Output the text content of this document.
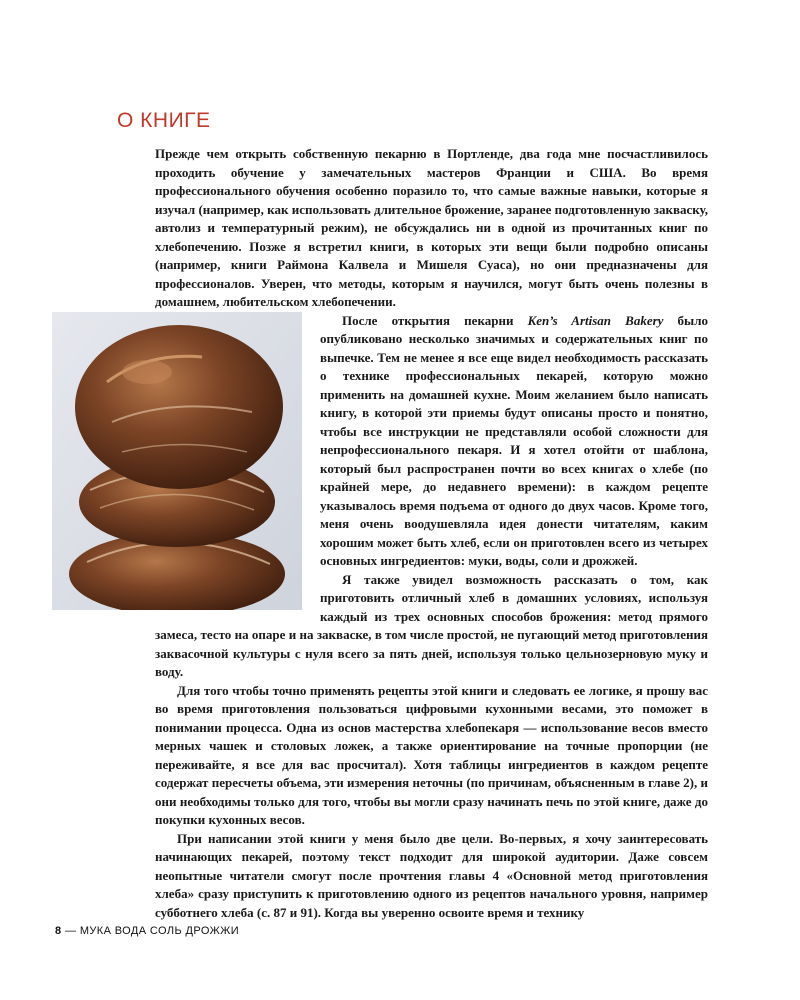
О КНИГЕ

Прежде чем открыть собственную пекарню в Портленде, два года мне посчастливилось проходить обучение у замечательных мастеров Франции и США. Во время профессионального обучения особенно поразило то, что самые важные навыки, которые я изучал (например, как использовать длительное брожение, заранее подготовленную закваску, автолиз и температурный режим), не обсуждались ни в одной из прочитанных книг по хлебопечению. Позже я встретил книги, в которых эти вещи были подробно описаны (например, книги Раймона Калвела и Мишеля Суаса), но они предназначены для профессионалов. Уверен, что методы, которым я научился, могут быть очень полезны в домашнем, любительском хлебопечении.

После открытия пекарни Ken’s Artisan Bakery было опубликовано несколько значимых и содержательных книг по выпечке. Тем не менее я все еще видел необходимость рассказать о технике профессиональных пекарей, которую можно применить на домашней кухне. Моим желанием было написать книгу, в которой эти приемы будут описаны просто и понятно, чтобы все инструкции не представляли особой сложности для непрофессионального пекаря. И я хотел отойти от шаблона, который был распространен почти во всех книгах о хлебе (по крайней мере, до недавнего времени): в каждом рецепте указывалось время подъема от одного до двух часов. Кроме того, меня очень воодушевляла идея донести читателям, каким хорошим может быть хлеб, если он приготовлен всего из четырех основных ингредиентов: муки, воды, соли и дрожжей.

Я также увидел возможность рассказать о том, как приготовить отличный хлеб в домашних условиях, используя каждый из трех основных способов брожения: метод прямого замеса, тесто на опаре и на закваске, в том числе простой, не пугающий метод приготовления заквасочной культуры с нуля всего за пять дней, используя только цельнозерновую муку и воду.

Для того чтобы точно применять рецепты этой книги и следовать ее логике, я прошу вас во время приготовления пользоваться цифровыми кухонными весами, это поможет в понимании процесса. Одна из основ мастерства хлебопекаря — использование весов вместо мерных чашек и столовых ложек, а также ориентирование на точные пропорции (не переживайте, я все для вас просчитал). Хотя таблицы ингредиентов в каждом рецепте содержат пересчеты объема, эти измерения неточны (по причинам, объясненным в главе 2), и они необходимы только для того, чтобы вы могли сразу начинать печь по этой книге, даже до покупки кухонных весов.

При написании этой книги у меня было две цели. Во-первых, я хочу заинтересовать начинающих пекарей, поэтому текст подходит для широкой аудитории. Даже совсем неопытные читатели смогут после прочтения главы 4 «Основной метод приготовления хлеба» сразу приступить к приготовлению одного из рецептов начального уровня, например субботнего хлеба (с. 87 и 91). Когда вы уверенно освоите время и технику

8 — МУКА ВОДА СОЛЬ ДРОЖЖИ
